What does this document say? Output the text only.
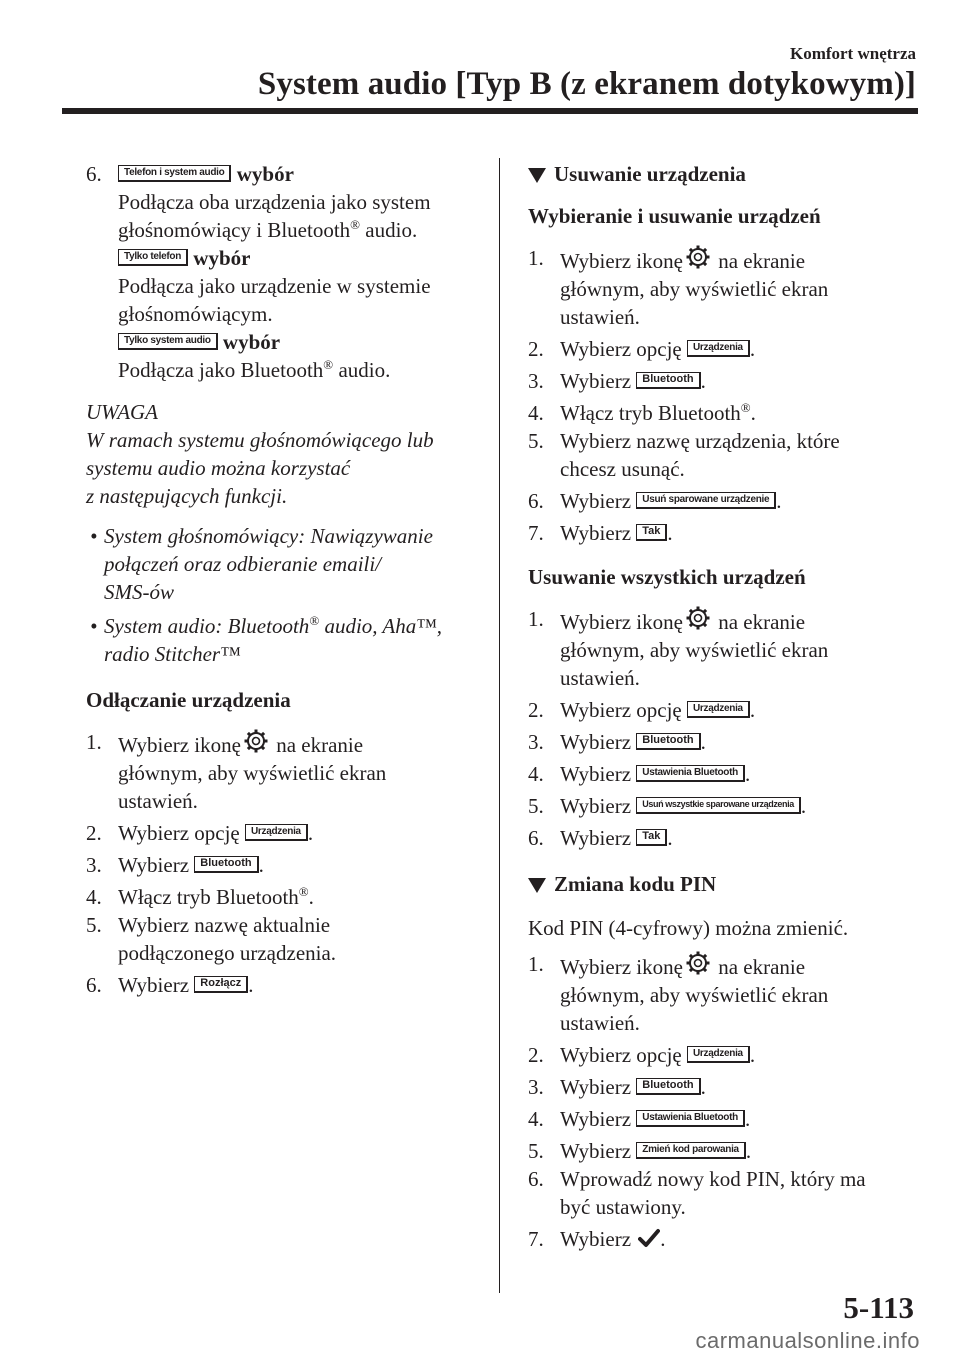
Komfort wnętrza
System audio [Typ B (z ekranem dotykowym)]
6. Telefon i system audio wybór
Podłącza oba urządzenia jako system
głośnomówiący i Bluetooth® audio.
Tylko telefon wybór
Podłącza jako urządzenie w systemie
głośnomówiącym.
Tylko system audio wybór
Podłącza jako Bluetooth® audio.
UWAGA
W ramach systemu głośnomówiącego lub
systemu audio można korzystać
z następujących funkcji.
• System głośnomówiący: Nawiązywanie
połączeń oraz odbieranie emaili/
SMS-ów
• System audio: Bluetooth® audio, Aha™,
radio Stitcher™
Odłączanie urządzenia
1. Wybierz ikonę na ekranie
głównym, aby wyświetlić ekran
ustawień.
2. Wybierz opcję Urządzenia .
3. Wybierz Bluetooth .
4. Włącz tryb Bluetooth®.
5. Wybierz nazwę aktualnie
podłączonego urządzenia.
6. Wybierz Rozłącz .
Usuwanie urządzenia
Wybieranie i usuwanie urządzeń
1. Wybierz ikonę na ekranie
głównym, aby wyświetlić ekran
ustawień.
2. Wybierz opcję Urządzenia .
3. Wybierz Bluetooth .
4. Włącz tryb Bluetooth®.
5. Wybierz nazwę urządzenia, które
chcesz usunąć.
6. Wybierz Usuń sparowane urządzenie .
7. Wybierz Tak .
Usuwanie wszystkich urządzeń
1. Wybierz ikonę na ekranie
głównym, aby wyświetlić ekran
ustawień.
2. Wybierz opcję Urządzenia .
3. Wybierz Bluetooth .
4. Wybierz Ustawienia Bluetooth .
5. Wybierz Usuń wszystkie sparowane urządzenia .
6. Wybierz Tak .
Zmiana kodu PIN
Kod PIN (4-cyfrowy) można zmienić.
1. Wybierz ikonę na ekranie
głównym, aby wyświetlić ekran
ustawień.
2. Wybierz opcję Urządzenia .
3. Wybierz Bluetooth .
4. Wybierz Ustawienia Bluetooth .
5. Wybierz Zmień kod parowania .
6. Wprowadź nowy kod PIN, który ma
być ustawiony.
7. Wybierz .
5-113
carmanualsonline.info
